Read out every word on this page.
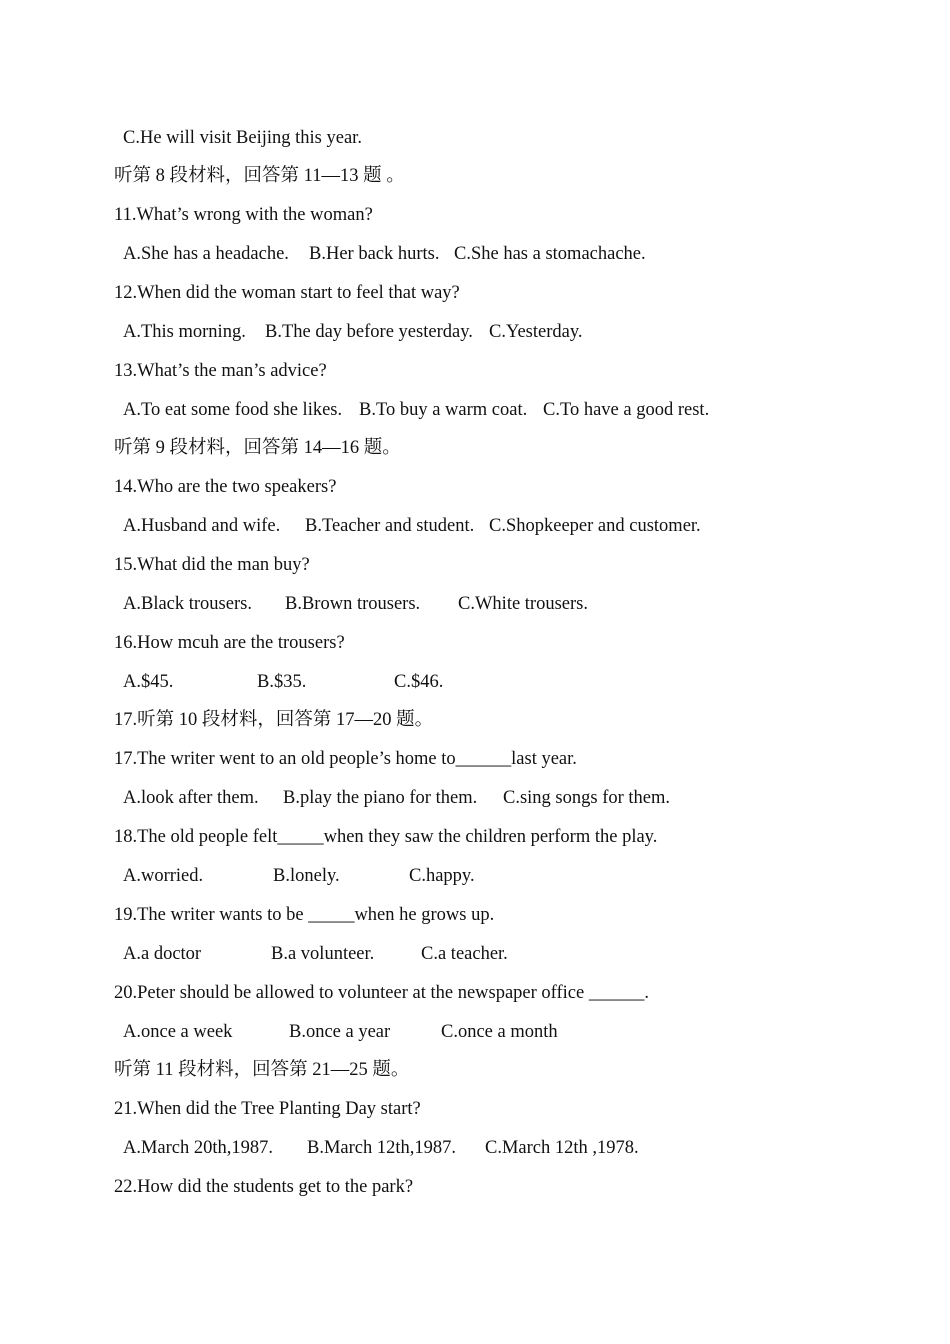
C.He will visit Beijing this year.
听第 8 段材料，回答第 11—13 题 。
11.What’s wrong with the woman?
A.She has a headache. B.Her back hurts. C.She has a stomachache.
12.When did the woman start to feel that way?
A.This morning. B.The day before yesterday. C.Yesterday.
13.What’s the man’s advice?
A.To eat some food she likes. B.To buy a warm coat. C.To have a good rest.
听第 9 段材料，回答第 14—16 题。
14.Who are the two speakers?
A.Husband and wife. B.Teacher and student. C.Shopkeeper and customer.
15.What did the man buy?
A.Black trousers. B.Brown trousers. C.White trousers.
16.How mcuh are the trousers?
A.$45.	B.$35.	C.$46.
17.听第 10 段材料，回答第 17—20 题。
17.The writer went to an old people’s home to______last year.
A.look after them. B.play the piano for them. C.sing songs for them.
18.The old people felt_____when they saw the children perform the play.
A.worried.	B.lonely.	C.happy.
19.The writer wants to be _____when he grows up.
A.a doctor	B.a volunteer.	C.a teacher.
20.Peter should be allowed to volunteer at the newspaper office ______.
A.once a week	B.once a year	C.once a month
听第 11 段材料，回答第 21—25 题。
21.When did the Tree Planting Day start?
A.March 20th,1987. B.March 12th,1987. C.March 12th ,1978.
22.How did the students get to the park?
